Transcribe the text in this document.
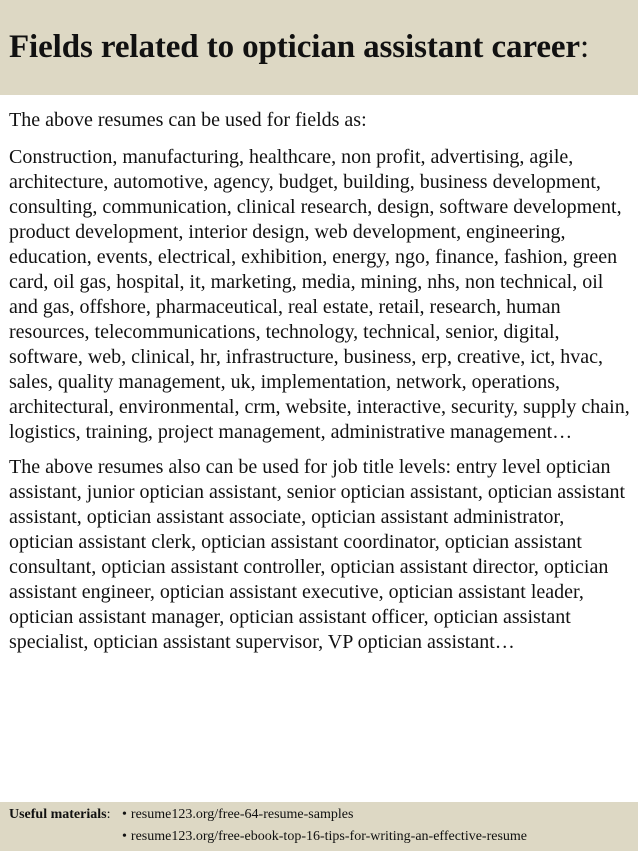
Fields related to optician assistant career:

The above resumes can be used for fields as:

Construction, manufacturing, healthcare, non profit, advertising, agile, architecture, automotive, agency, budget, building, business development, consulting, communication, clinical research, design, software development, product development, interior design, web development, engineering, education, events, electrical, exhibition, energy, ngo, finance, fashion, green card, oil gas, hospital, it, marketing, media, mining, nhs, non technical, oil and gas, offshore, pharmaceutical, real estate, retail, research, human resources, telecommunications, technology, technical, senior, digital, software, web, clinical, hr, infrastructure, business, erp, creative, ict, hvac, sales, quality management, uk, implementation, network, operations, architectural, environmental, crm, website, interactive, security, supply chain, logistics, training, project management, administrative management…

The above resumes also can be used for job title levels: entry level optician assistant, junior optician assistant, senior optician assistant, optician assistant assistant, optician assistant associate, optician assistant administrator, optician assistant clerk, optician assistant coordinator, optician assistant consultant, optician assistant controller, optician assistant director, optician assistant engineer, optician assistant executive, optician assistant leader, optician assistant manager, optician assistant officer, optician assistant specialist, optician assistant supervisor, VP optician assistant…

Useful materials: • resume123.org/free-64-resume-samples
• resume123.org/free-ebook-top-16-tips-for-writing-an-effective-resume
